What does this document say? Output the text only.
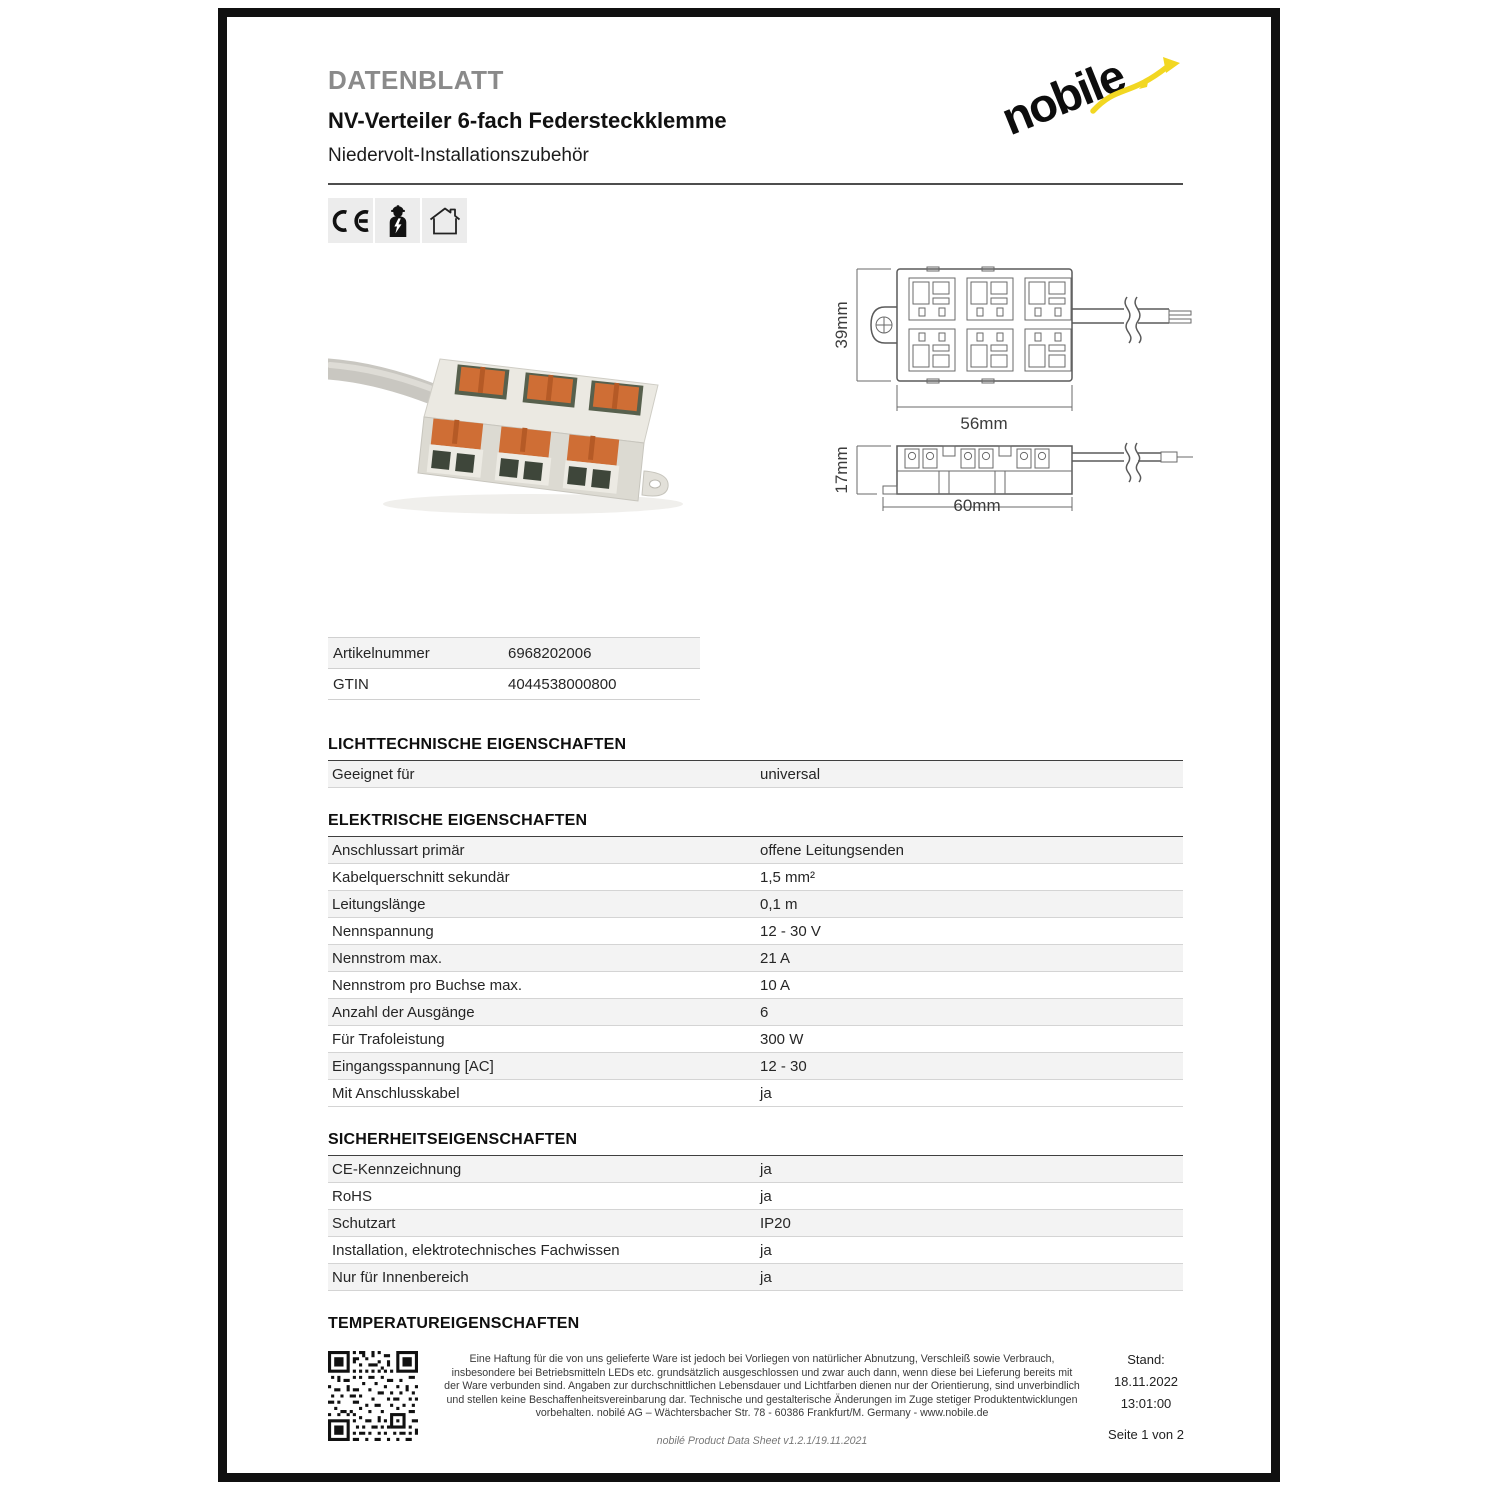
DATENBLATT
NV-Verteiler 6-fach Federsteckklemme
Niedervolt-Installationszubehör
nobile
39mm
56mm
17mm
60mm
Artikelnummer	6968202006
GTIN	4044538000800
LICHTTECHNISCHE EIGENSCHAFTEN
Geeignet für	universal
ELEKTRISCHE EIGENSCHAFTEN
Anschlussart primär	offene Leitungsenden
Kabelquerschnitt sekundär	1,5 mm²
Leitungslänge	0,1 m
Nennspannung	12 - 30 V
Nennstrom max.	21 A
Nennstrom pro Buchse max.	10 A
Anzahl der Ausgänge	6
Für Trafoleistung	300 W
Eingangsspannung [AC]	12 - 30
Mit Anschlusskabel	ja
SICHERHEITSEIGENSCHAFTEN
CE-Kennzeichnung	ja
RoHS	ja
Schutzart	IP20
Installation, elektrotechnisches Fachwissen	ja
Nur für Innenbereich	ja
TEMPERATUREIGENSCHAFTEN
Eine Haftung für die von uns gelieferte Ware ist jedoch bei Vorliegen von natürlicher Abnutzung, Verschleiß sowie Verbrauch, insbesondere bei Betriebsmitteln LEDs etc. grundsätzlich ausgeschlossen und zwar auch dann, wenn diese bei Lieferung bereits mit der Ware verbunden sind. Angaben zur durchschnittlichen Lebensdauer und Lichtfarben dienen nur der Orientierung, sind unverbindlich und stellen keine Beschaffenheitsvereinbarung dar. Technische und gestalterische Änderungen im Zuge stetiger Produktentwicklungen vorbehalten. nobilé AG – Wächtersbacher Str. 78 - 60386 Frankfurt/M. Germany - www.nobile.de
nobilé Product Data Sheet v1.2.1/19.11.2021
Stand:
18.11.2022
13:01:00
Seite 1 von 2
